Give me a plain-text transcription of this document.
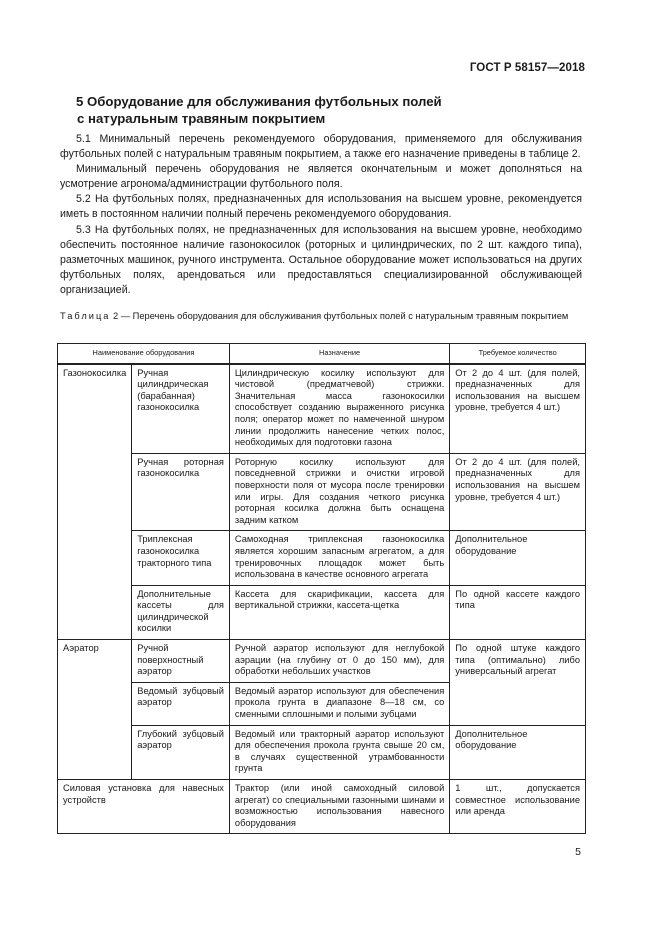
ГОСТ Р 58157—2018
5 Оборудование для обслуживания футбольных полей
с натуральным травяным покрытием

5.1 Минимальный перечень рекомендуемого оборудования, применяемого для обслуживания футбольных полей с натуральным травяным покрытием, а также его назначение приведены в таблице 2.

Минимальный перечень оборудования не является окончательным и может дополняться на усмотрение агронома/администрации футбольного поля.

5.2 На футбольных полях, предназначенных для использования на высшем уровне, рекомендуется иметь в постоянном наличии полный перечень рекомендуемого оборудования.

5.3 На футбольных полях, не предназначенных для использования на высшем уровне, необходимо обеспечить постоянное наличие газонокосилок (роторных и цилиндрических, по 2 шт. каждого типа), разметочных машинок, ручного инструмента. Остальное оборудование может использоваться на других футбольных полях, арендоваться или предоставляться специализированной обслуживающей организацией.

Таблица 2 — Перечень оборудования для обслуживания футбольных полей с натуральным травяным покрытием
Наименование оборудования		Назначение	Требуемое количество
Газонокосилка	Ручная цилиндрическая (барабанная) газонокосилка	Цилиндрическую косилку используют для чистовой (предматчевой) стрижки. Значительная масса газонокосилки способствует созданию выраженного рисунка поля; оператор может по намеченной шнуром линии продолжить нанесение четких полос, необходимых для подготовки газона	От 2 до 4 шт. (для полей, предназначенных для использования на высшем уровне, требуется 4 шт.)
	Ручная роторная газонокосилка	Роторную косилку используют для повседневной стрижки и очистки игровой поверхности поля от мусора после тренировки или игры. Для создания четкого рисунка роторная косилка должна быть оснащена задним катком	От 2 до 4 шт. (для полей, предназначенных для использования на высшем уровне, требуется 4 шт.)
	Триплексная газонокосилка тракторного типа	Самоходная триплексная газонокосилка является хорошим запасным агрегатом, а для тренировочных площадок может быть использована в качестве основного агрегата	Дополнительное оборудование
	Дополнительные кассеты для цилиндрической косилки	Кассета для скарификации, кассета для вертикальной стрижки, кассета-щетка	По одной кассете каждого типа
Аэратор	Ручной поверхностный аэратор	Ручной аэратор используют для неглубокой аэрации (на глубину от 0 до 150 мм), для обработки небольших участков	По одной штуке каждого типа (оптимально) либо универсальный агрегат
	Ведомый зубцовый аэратор	Ведомый аэратор используют для обеспечения прокола грунта в диапазоне 8—18 см, со сменными сплошными и полыми зубцами	
	Глубокий зубцовый аэратор	Ведомый или тракторный аэратор используют для обеспечения прокола грунта свыше 20 см, в случаях существенной утрамбованности грунта	Дополнительное оборудование
Силовая установка для навесных устройств		Трактор (или иной самоходный силовой агрегат) со специальными газонными шинами и возможностью использования навесного оборудования	1 шт., допускается совместное использование или аренда
5
